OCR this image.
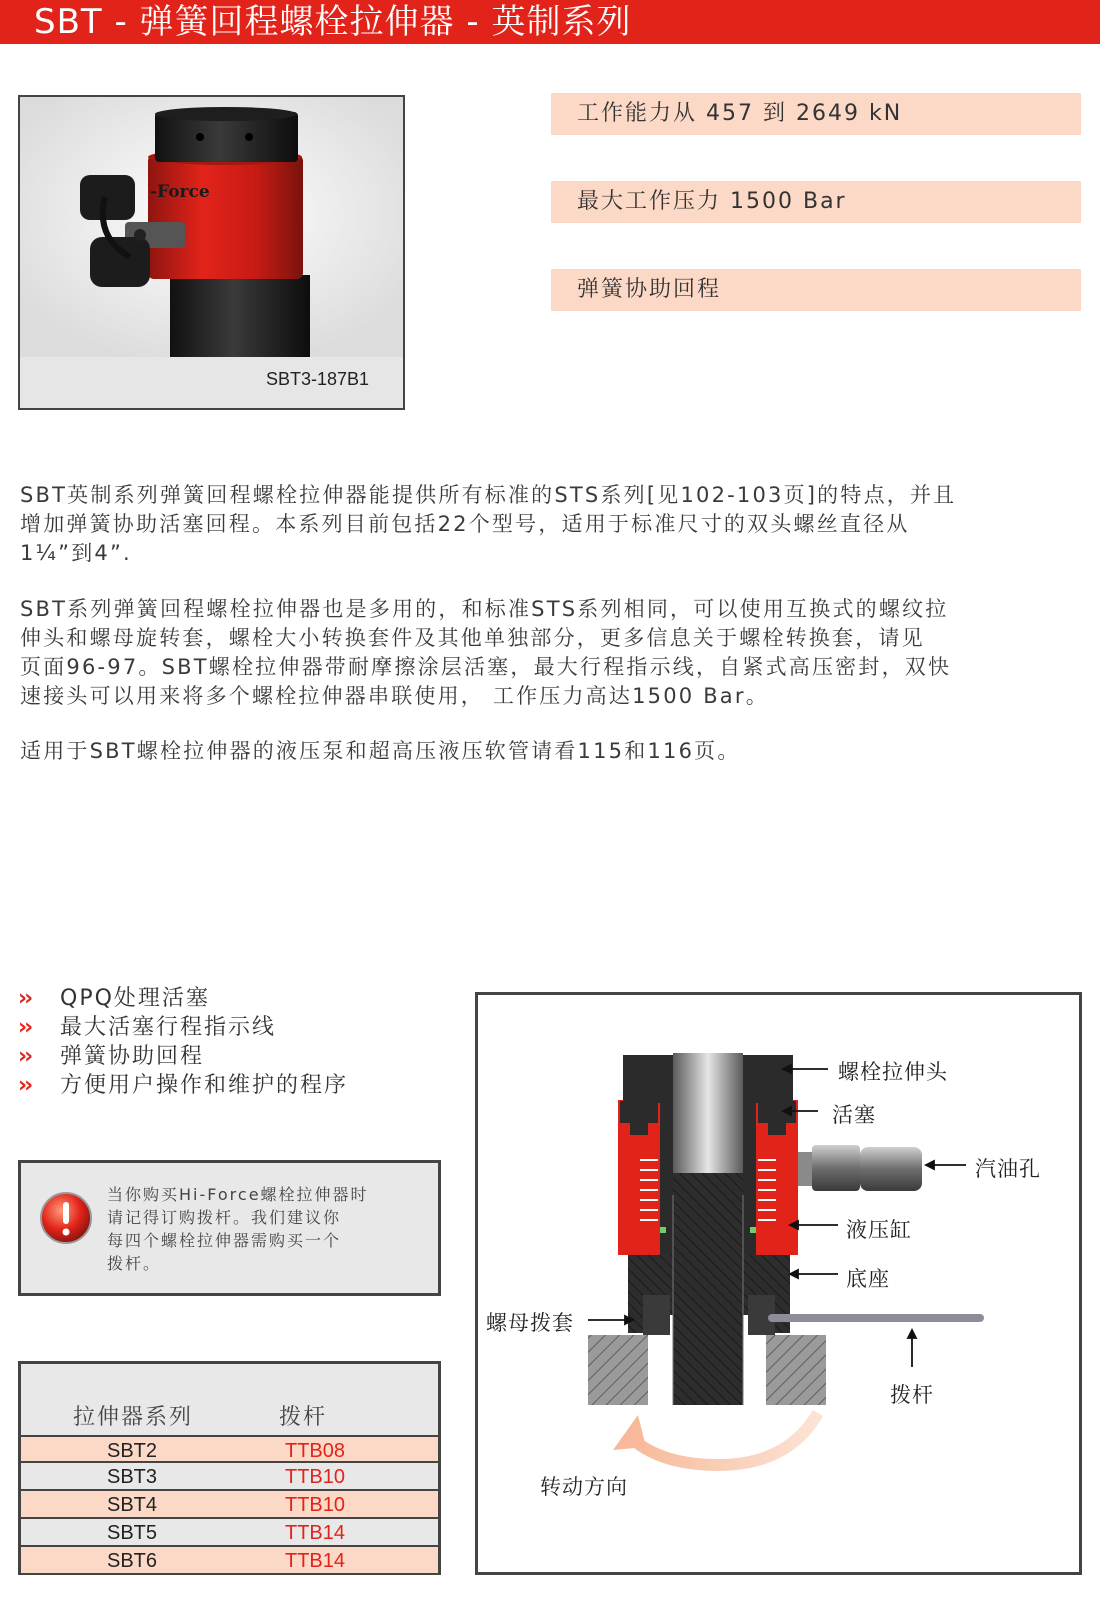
SBT - 弹簧回程螺栓拉伸器 - 英制系列
-Force
SBT3-187B1
工作能力从 457 到 2649 kN
最大工作压力 1500 Bar
弹簧协助回程
SBT英制系列弹簧回程螺栓拉伸器能提供所有标准的STS系列[见102-103页]的特点，并且
增加弹簧协助活塞回程。本系列目前包括22个型号，适用于标准尺寸的双头螺丝直径从
1¼”到4”.
SBT系列弹簧回程螺栓拉伸器也是多用的，和标准STS系列相同，可以使用互换式的螺纹拉
伸头和螺母旋转套，螺栓大小转换套件及其他单独部分，更多信息关于螺栓转换套，请见
页面96-97。SBT螺栓拉伸器带耐摩擦涂层活塞，最大行程指示线，自紧式高压密封，双快
速接头可以用来将多个螺栓拉伸器串联使用， 工作压力高达1500 Bar。
适用于SBT螺栓拉伸器的液压泵和超高压液压软管请看115和116页。
››	QPQ处理活塞
››	最大活塞行程指示线
››	弹簧协助回程
››	方便用户操作和维护的程序
当你购买Hi-Force螺栓拉伸器时
请记得订购拨杆。我们建议你
每四个螺栓拉伸器需购买一个
拨杆。
拉伸器系列	拨杆
SBT2	TTB08
SBT3	TTB10
SBT4	TTB10
SBT5	TTB14
SBT6	TTB14
螺栓拉伸头
活塞
汽油孔
液压缸
底座
螺母拨套
拨杆
转动方向
